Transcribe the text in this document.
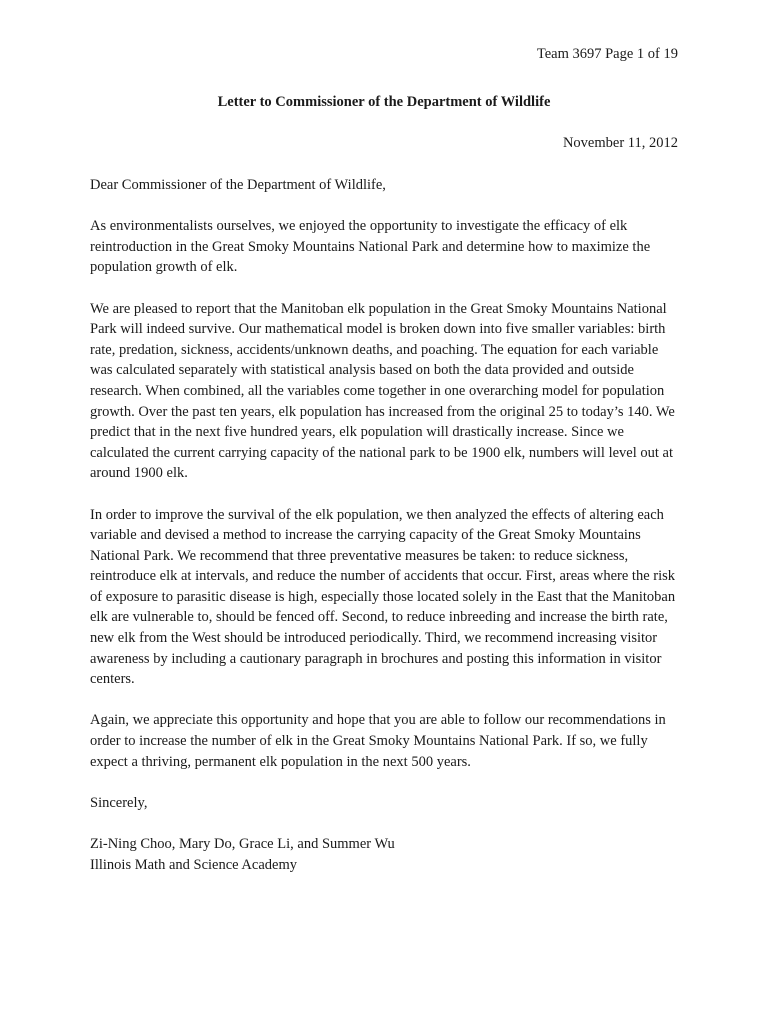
Team 3697 Page 1 of 19
Letter to Commissioner of the Department of Wildlife
November 11, 2012

Dear Commissioner of the Department of Wildlife,

As environmentalists ourselves, we enjoyed the opportunity to investigate the efficacy of elk reintroduction in the Great Smoky Mountains National Park and determine how to maximize the population growth of elk.

We are pleased to report that the Manitoban elk population in the Great Smoky Mountains National Park will indeed survive. Our mathematical model is broken down into five smaller variables: birth rate, predation, sickness, accidents/unknown deaths, and poaching. The equation for each variable was calculated separately with statistical analysis based on both the data provided and outside research. When combined, all the variables come together in one overarching model for population growth. Over the past ten years, elk population has increased from the original 25 to today’s 140. We predict that in the next five hundred years, elk population will drastically increase. Since we calculated the current carrying capacity of the national park to be 1900 elk, numbers will level out at around 1900 elk.

In order to improve the survival of the elk population, we then analyzed the effects of altering each variable and devised a method to increase the carrying capacity of the Great Smoky Mountains National Park. We recommend that three preventative measures be taken: to reduce sickness, reintroduce elk at intervals, and reduce the number of accidents that occur. First, areas where the risk of exposure to parasitic disease is high, especially those located solely in the East that the Manitoban elk are vulnerable to, should be fenced off. Second, to reduce inbreeding and increase the birth rate, new elk from the West should be introduced periodically. Third, we recommend increasing visitor awareness by including a cautionary paragraph in brochures and posting this information in visitor centers.

Again, we appreciate this opportunity and hope that you are able to follow our recommendations in order to increase the number of elk in the Great Smoky Mountains National Park. If so, we fully expect a thriving, permanent elk population in the next 500 years.

Sincerely,

Zi-Ning Choo, Mary Do, Grace Li, and Summer Wu

Illinois Math and Science Academy
